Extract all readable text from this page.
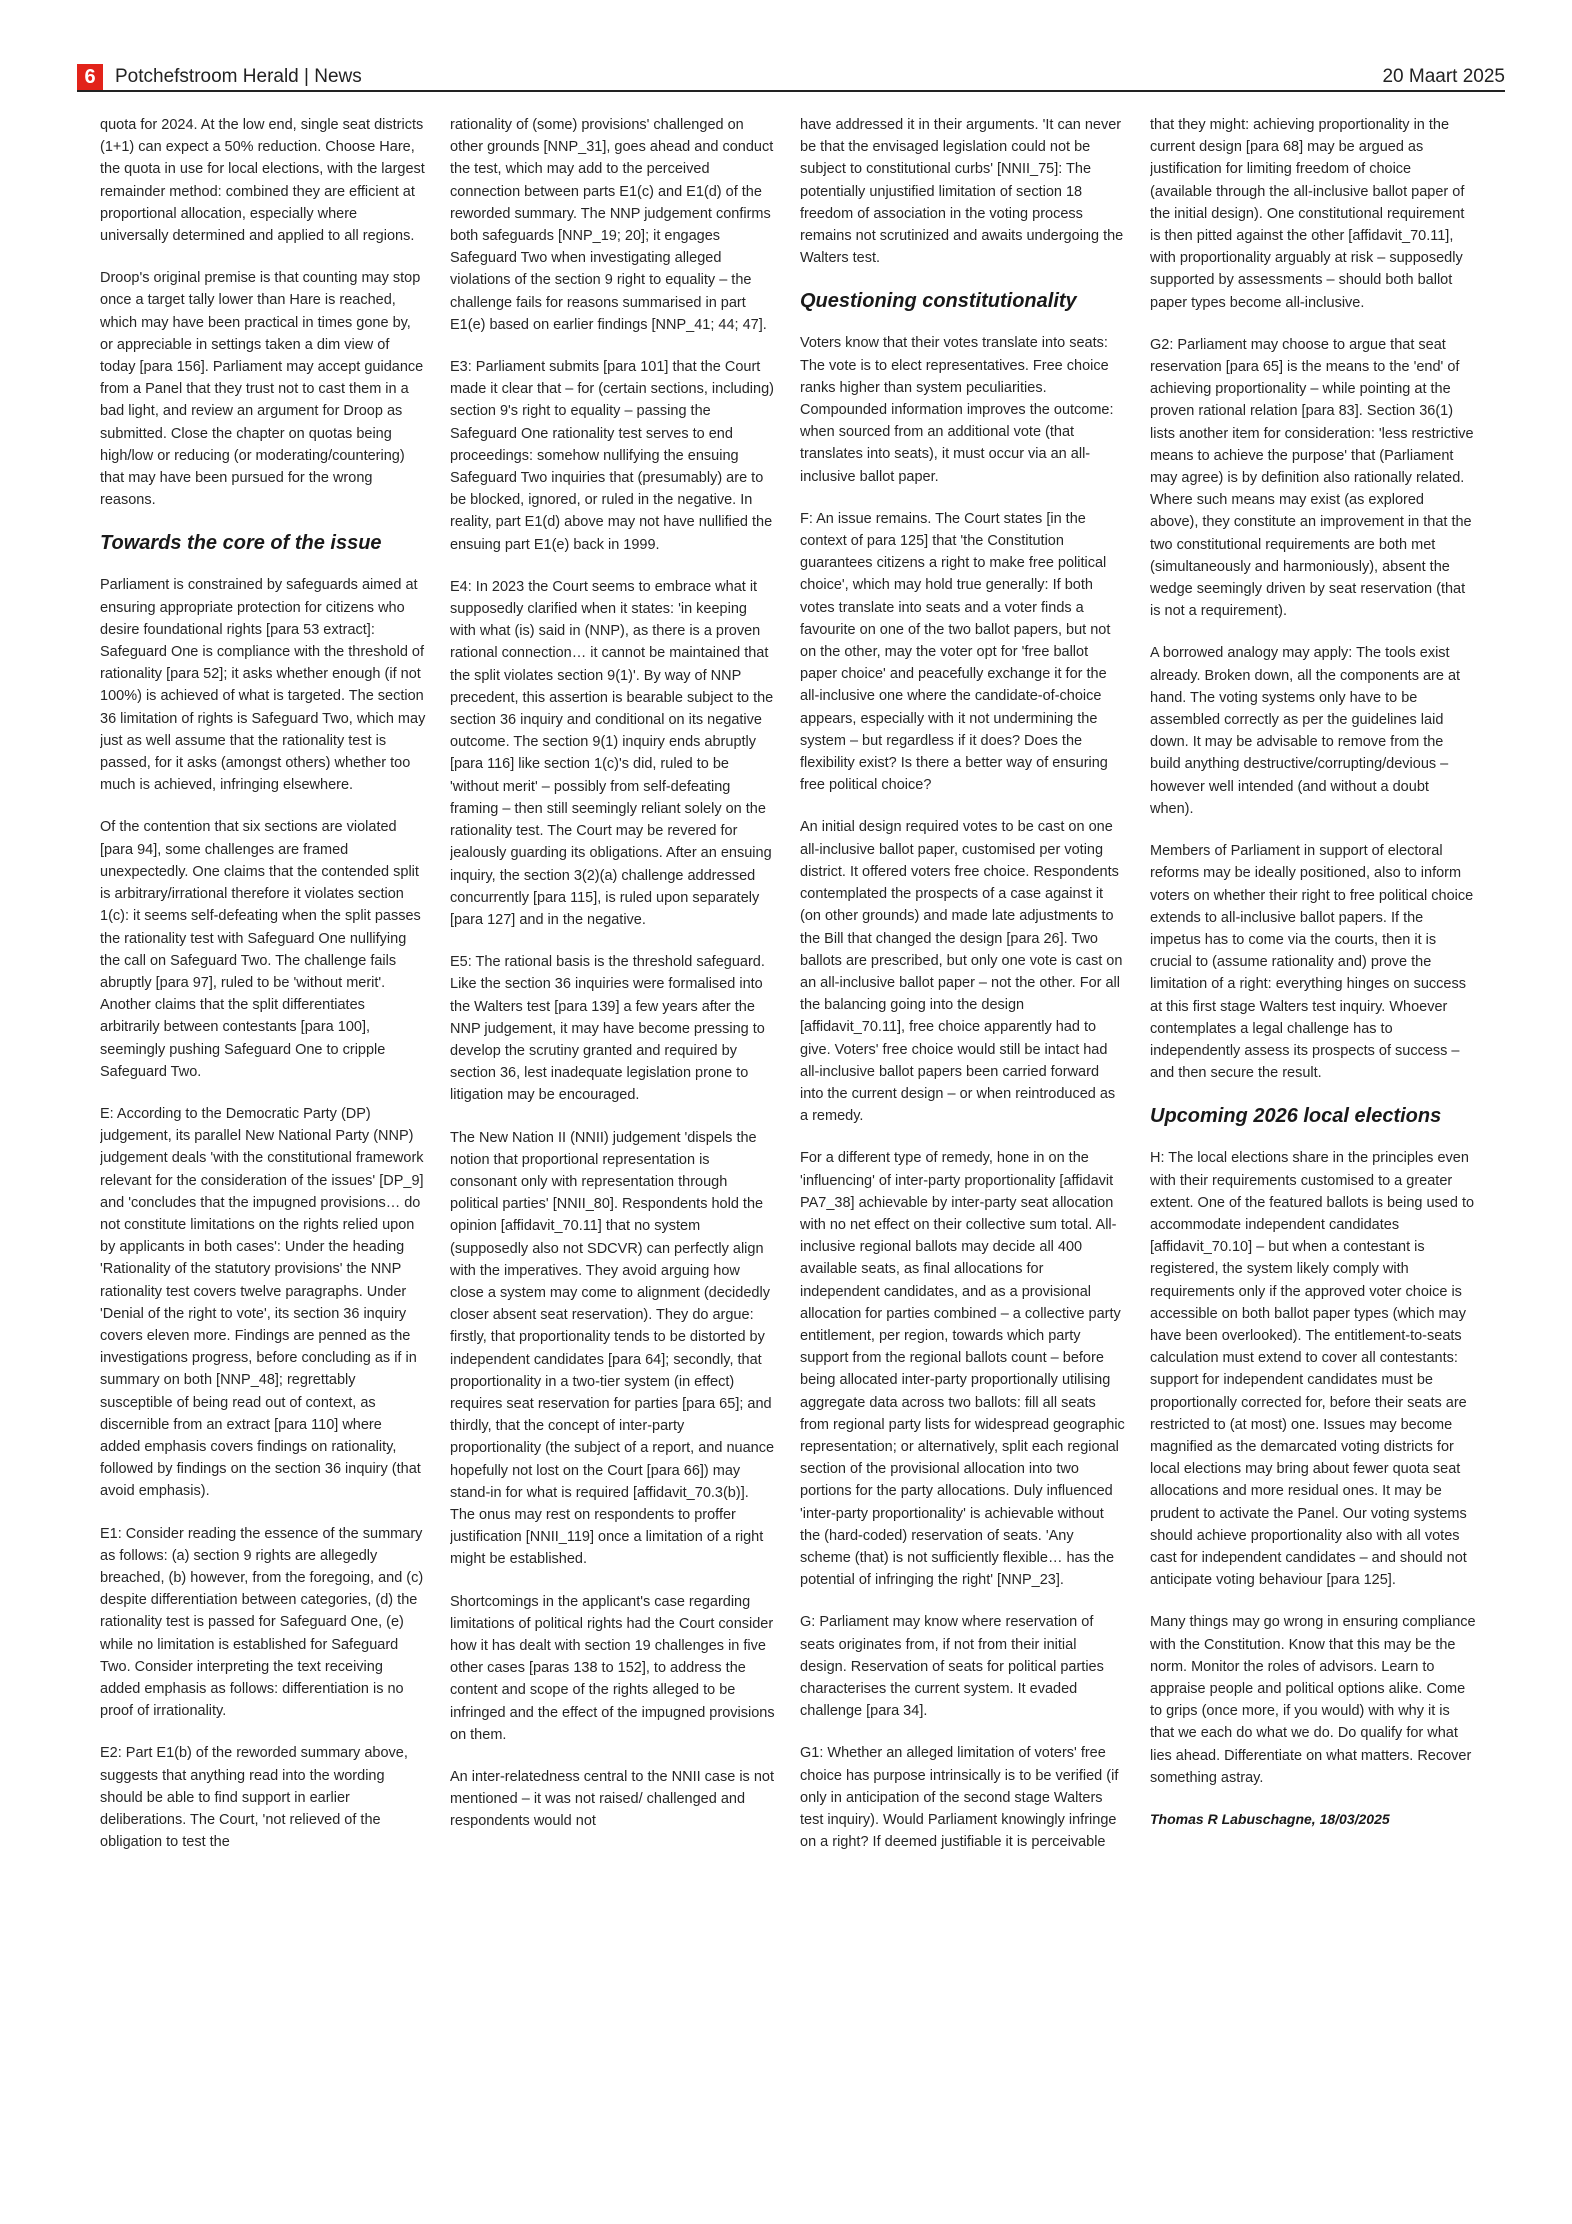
6	Potchefstroom Herald | News	20 Maart 2025

quota for 2024. At the low end, single seat districts (1+1) can expect a 50% reduction. Choose Hare, the quota in use for local elections, with the largest remainder method: combined they are efficient at proportional allocation, especially where universally determined and applied to all regions.

Droop's original premise is that counting may stop once a target tally lower than Hare is reached, which may have been practical in times gone by, or appreciable in settings taken a dim view of today [para 156]. Parliament may accept guidance from a Panel that they trust not to cast them in a bad light, and review an argument for Droop as submitted. Close the chapter on quotas being high/low or reducing (or moderating/countering) that may have been pursued for the wrong reasons.

Towards the core of the issue

Parliament is constrained by safeguards aimed at ensuring appropriate protection for citizens who desire foundational rights [para 53 extract]: Safeguard One is compliance with the threshold of rationality [para 52]; it asks whether enough (if not 100%) is achieved of what is targeted. The section 36 limitation of rights is Safeguard Two, which may just as well assume that the rationality test is passed, for it asks (amongst others) whether too much is achieved, infringing elsewhere.

Of the contention that six sections are violated [para 94], some challenges are framed unexpectedly. One claims that the contended split is arbitrary/irrational therefore it violates section 1(c): it seems self-defeating when the split passes the rationality test with Safeguard One nullifying the call on Safeguard Two. The challenge fails abruptly [para 97], ruled to be 'without merit'. Another claims that the split differentiates arbitrarily between contestants [para 100], seemingly pushing Safeguard One to cripple Safeguard Two.

E: According to the Democratic Party (DP) judgement, its parallel New National Party (NNP) judgement deals 'with the constitutional framework relevant for the consideration of the issues' [DP_9] and 'concludes that the impugned provisions… do not constitute limitations on the rights relied upon by applicants in both cases': Under the heading 'Rationality of the statutory provisions' the NNP rationality test covers twelve paragraphs. Under 'Denial of the right to vote', its section 36 inquiry covers eleven more. Findings are penned as the investigations progress, before concluding as if in summary on both [NNP_48]; regrettably susceptible of being read out of context, as discernible from an extract [para 110] where added emphasis covers findings on rationality, followed by findings on the section 36 inquiry (that avoid emphasis).

E1: Consider reading the essence of the summary as follows: (a) section 9 rights are allegedly breached, (b) however, from the foregoing, and (c) despite differentiation between categories, (d) the rationality test is passed for Safeguard One, (e) while no limitation is established for Safeguard Two. Consider interpreting the text receiving added emphasis as follows: differentiation is no proof of irrationality.

E2: Part E1(b) of the reworded summary above, suggests that anything read into the wording should be able to find support in earlier deliberations. The Court, 'not relieved of the obligation to test the

rationality of (some) provisions' challenged on other grounds [NNP_31], goes ahead and conduct the test, which may add to the perceived connection between parts E1(c) and E1(d) of the reworded summary. The NNP judgement confirms both safeguards [NNP_19; 20]; it engages Safeguard Two when investigating alleged violations of the section 9 right to equality – the challenge fails for reasons summarised in part E1(e) based on earlier findings [NNP_41; 44; 47].

E3: Parliament submits [para 101] that the Court made it clear that – for (certain sections, including) section 9's right to equality – passing the Safeguard One rationality test serves to end proceedings: somehow nullifying the ensuing Safeguard Two inquiries that (presumably) are to be blocked, ignored, or ruled in the negative. In reality, part E1(d) above may not have nullified the ensuing part E1(e) back in 1999.

E4: In 2023 the Court seems to embrace what it supposedly clarified when it states: 'in keeping with what (is) said in (NNP), as there is a proven rational connection… it cannot be maintained that the split violates section 9(1)'. By way of NNP precedent, this assertion is bearable subject to the section 36 inquiry and conditional on its negative outcome. The section 9(1) inquiry ends abruptly [para 116] like section 1(c)'s did, ruled to be 'without merit' – possibly from self-defeating framing – then still seemingly reliant solely on the rationality test. The Court may be revered for jealously guarding its obligations. After an ensuing inquiry, the section 3(2)(a) challenge addressed concurrently [para 115], is ruled upon separately [para 127] and in the negative.

E5: The rational basis is the threshold safeguard. Like the section 36 inquiries were formalised into the Walters test [para 139] a few years after the NNP judgement, it may have become pressing to develop the scrutiny granted and required by section 36, lest inadequate legislation prone to litigation may be encouraged.

The New Nation II (NNII) judgement 'dispels the notion that proportional representation is consonant only with representation through political parties' [NNII_80]. Respondents hold the opinion [affidavit_70.11] that no system (supposedly also not SDCVR) can perfectly align with the imperatives. They avoid arguing how close a system may come to alignment (decidedly closer absent seat reservation). They do argue: firstly, that proportionality tends to be distorted by independent candidates [para 64]; secondly, that proportionality in a two-tier system (in effect) requires seat reservation for parties [para 65]; and thirdly, that the concept of inter-party proportionality (the subject of a report, and nuance hopefully not lost on the Court [para 66]) may stand-in for what is required [affidavit_70.3(b)]. The onus may rest on respondents to proffer justification [NNII_119] once a limitation of a right might be established.

Shortcomings in the applicant's case regarding limitations of political rights had the Court consider how it has dealt with section 19 challenges in five other cases [paras 138 to 152], to address the content and scope of the rights alleged to be infringed and the effect of the impugned provisions on them.

An inter-relatedness central to the NNII case is not mentioned – it was not raised/ challenged and respondents would not

have addressed it in their arguments. 'It can never be that the envisaged legislation could not be subject to constitutional curbs' [NNII_75]: The potentially unjustified limitation of section 18 freedom of association in the voting process remains not scrutinized and awaits undergoing the Walters test.

Questioning constitutionality

Voters know that their votes translate into seats: The vote is to elect representatives. Free choice ranks higher than system peculiarities. Compounded information improves the outcome: when sourced from an additional vote (that translates into seats), it must occur via an all-inclusive ballot paper.

F: An issue remains. The Court states [in the context of para 125] that 'the Constitution guarantees citizens a right to make free political choice', which may hold true generally: If both votes translate into seats and a voter finds a favourite on one of the two ballot papers, but not on the other, may the voter opt for 'free ballot paper choice' and peacefully exchange it for the all-inclusive one where the candidate-of-choice appears, especially with it not undermining the system – but regardless if it does? Does the flexibility exist? Is there a better way of ensuring free political choice?

An initial design required votes to be cast on one all-inclusive ballot paper, customised per voting district. It offered voters free choice. Respondents contemplated the prospects of a case against it (on other grounds) and made late adjustments to the Bill that changed the design [para 26]. Two ballots are prescribed, but only one vote is cast on an all-inclusive ballot paper – not the other. For all the balancing going into the design [affidavit_70.11], free choice apparently had to give. Voters' free choice would still be intact had all-inclusive ballot papers been carried forward into the current design – or when reintroduced as a remedy.

For a different type of remedy, hone in on the 'influencing' of inter-party proportionality [affidavit PA7_38] achievable by inter-party seat allocation with no net effect on their collective sum total. All-inclusive regional ballots may decide all 400 available seats, as final allocations for independent candidates, and as a provisional allocation for parties combined – a collective party entitlement, per region, towards which party support from the regional ballots count – before being allocated inter-party proportionally utilising aggregate data across two ballots: fill all seats from regional party lists for widespread geographic representation; or alternatively, split each regional section of the provisional allocation into two portions for the party allocations. Duly influenced 'inter-party proportionality' is achievable without the (hard-coded) reservation of seats. 'Any scheme (that) is not sufficiently flexible… has the potential of infringing the right' [NNP_23].

G: Parliament may know where reservation of seats originates from, if not from their initial design. Reservation of seats for political parties characterises the current system. It evaded challenge [para 34].

G1: Whether an alleged limitation of voters' free choice has purpose intrinsically is to be verified (if only in anticipation of the second stage Walters test inquiry). Would Parliament knowingly infringe on a right? If deemed justifiable it is perceivable

that they might: achieving proportionality in the current design [para 68] may be argued as justification for limiting freedom of choice (available through the all-inclusive ballot paper of the initial design). One constitutional requirement is then pitted against the other [affidavit_70.11], with proportionality arguably at risk – supposedly supported by assessments – should both ballot paper types become all-inclusive.

G2: Parliament may choose to argue that seat reservation [para 65] is the means to the 'end' of achieving proportionality – while pointing at the proven rational relation [para 83]. Section 36(1) lists another item for consideration: 'less restrictive means to achieve the purpose' that (Parliament may agree) is by definition also rationally related. Where such means may exist (as explored above), they constitute an improvement in that the two constitutional requirements are both met (simultaneously and harmoniously), absent the wedge seemingly driven by seat reservation (that is not a requirement).

A borrowed analogy may apply: The tools exist already. Broken down, all the components are at hand. The voting systems only have to be assembled correctly as per the guidelines laid down. It may be advisable to remove from the build anything destructive/corrupting/devious – however well intended (and without a doubt when).

Members of Parliament in support of electoral reforms may be ideally positioned, also to inform voters on whether their right to free political choice extends to all-inclusive ballot papers. If the impetus has to come via the courts, then it is crucial to (assume rationality and) prove the limitation of a right: everything hinges on success at this first stage Walters test inquiry. Whoever contemplates a legal challenge has to independently assess its prospects of success – and then secure the result.

Upcoming 2026 local elections

H: The local elections share in the principles even with their requirements customised to a greater extent. One of the featured ballots is being used to accommodate independent candidates [affidavit_70.10] – but when a contestant is registered, the system likely comply with requirements only if the approved voter choice is accessible on both ballot paper types (which may have been overlooked). The entitlement-to-seats calculation must extend to cover all contestants: support for independent candidates must be proportionally corrected for, before their seats are restricted to (at most) one. Issues may become magnified as the demarcated voting districts for local elections may bring about fewer quota seat allocations and more residual ones. It may be prudent to activate the Panel. Our voting systems should achieve proportionality also with all votes cast for independent candidates – and should not anticipate voting behaviour [para 125].

Many things may go wrong in ensuring compliance with the Constitution. Know that this may be the norm. Monitor the roles of advisors. Learn to appraise people and political options alike. Come to grips (once more, if you would) with why it is that we each do what we do. Do qualify for what lies ahead. Differentiate on what matters. Recover something astray.

Thomas R Labuschagne, 18/03/2025
